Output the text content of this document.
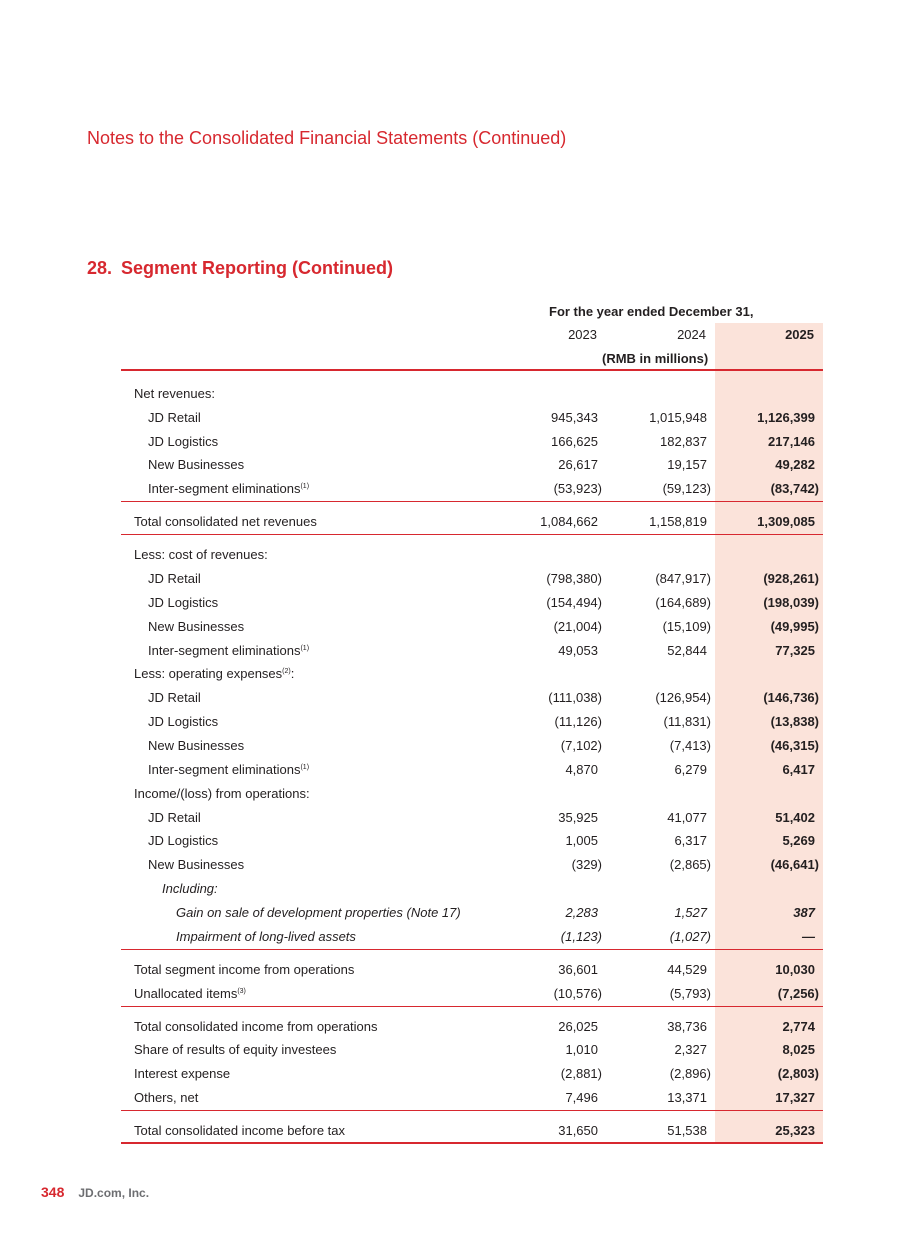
Notes to the Consolidated Financial Statements (Continued)
28. Segment Reporting (Continued)
For the year ended December 31,
2023	2024	2025
(RMB in millions)
Net revenues:
JD Retail	945,343	1,015,948	1,126,399
JD Logistics	166,625	182,837	217,146
New Businesses	26,617	19,157	49,282
Inter-segment eliminations$^{(1)}$	(53,923)	(59,123)	(83,742)
Total consolidated net revenues	1,084,662	1,158,819	1,309,085
Less: cost of revenues:
JD Retail	(798,380)	(847,917)	(928,261)
JD Logistics	(154,494)	(164,689)	(198,039)
New Businesses	(21,004)	(15,109)	(49,995)
Inter-segment eliminations$^{(1)}$	49,053	52,844	77,325
Less: operating expenses$^{(2)}$:
JD Retail	(111,038)	(126,954)	(146,736)
JD Logistics	(11,126)	(11,831)	(13,838)
New Businesses	(7,102)	(7,413)	(46,315)
Inter-segment eliminations$^{(1)}$	4,870	6,279	6,417
Income/(loss) from operations:
JD Retail	35,925	41,077	51,402
JD Logistics	1,005	6,317	5,269
New Businesses	(329)	(2,865)	(46,641)
Including:
Gain on sale of development properties (Note 17)	2,283	1,527	387
Impairment of long-lived assets	(1,123)	(1,027)	—
Total segment income from operations	36,601	44,529	10,030
Unallocated items$^{(3)}$	(10,576)	(5,793)	(7,256)
Total consolidated income from operations	26,025	38,736	2,774
Share of results of equity investees	1,010	2,327	8,025
Interest expense	(2,881)	(2,896)	(2,803)
Others, net	7,496	13,371	17,327
Total consolidated income before tax	31,650	51,538	25,323
348 JD.com, Inc.
